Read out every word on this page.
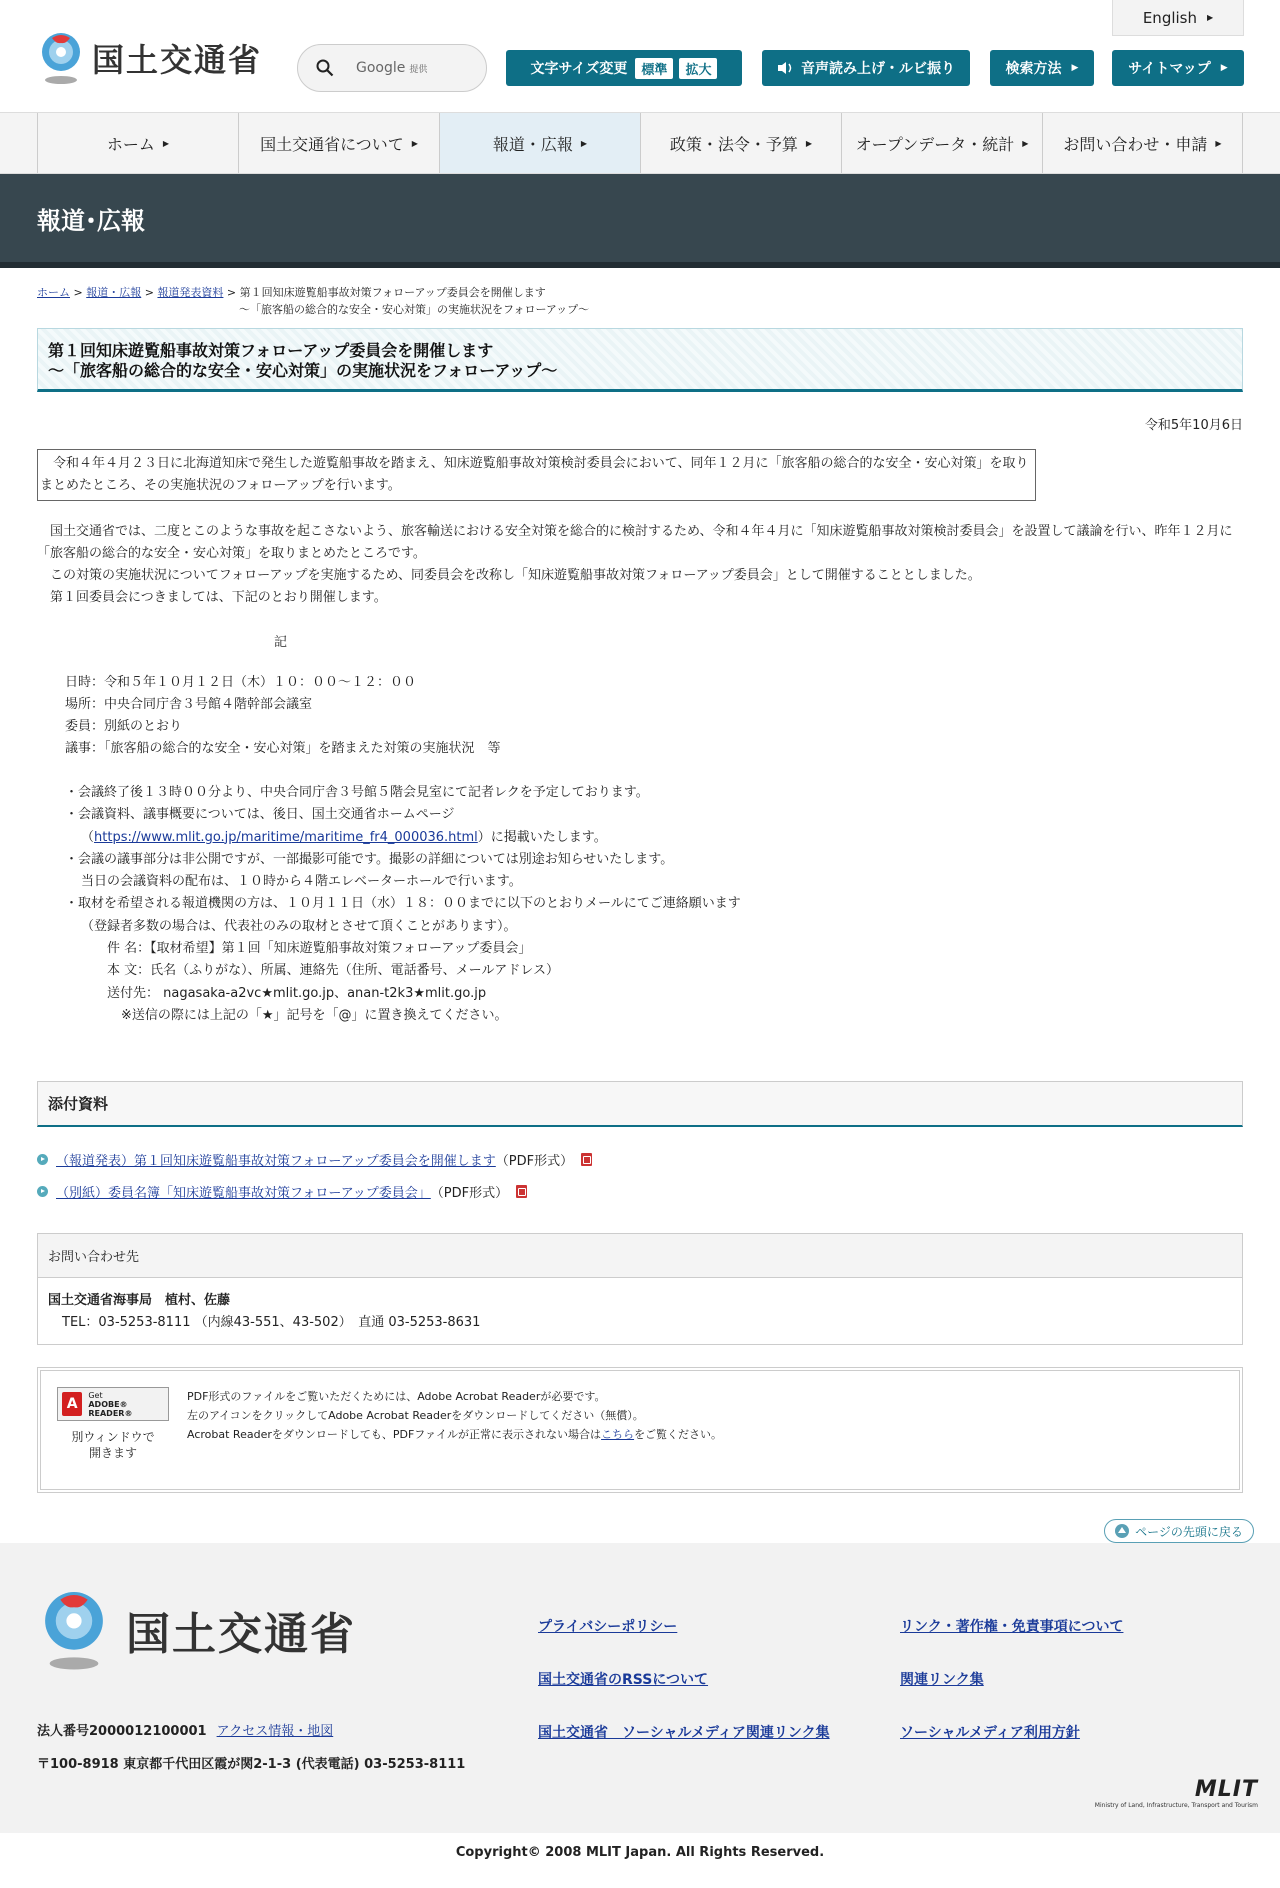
国土交通省	Google 提供
English ▶
文字サイズ変更	標準	拡大	音声読み上げ・ルビ振り	検索方法 ▶	サイトマップ ▶
ホーム ▶	国土交通省について ▶	報道・広報 ▶	政策・法令・予算 ▶	オープンデータ・統計 ▶ お問い合わせ・申請 ▶
報道･広報
ホーム > 報道・広報 > 報道発表資料 > 第１回知床遊覧船事故対策フォローアップ委員会を開催します
～「旅客船の総合的な安全・安心対策」の実施状況をフォローアップ～
第１回知床遊覧船事故対策フォローアップ委員会を開催します
～「旅客船の総合的な安全・安心対策」の実施状況をフォローアップ～
令和5年10月6日
　令和４年４月２３日に北海道知床で発生した遊覧船事故を踏まえ、知床遊覧船事故対策検討委員会において、同年１２月に「旅客船の総合的な安全・安心対策」を取りまとめたところ、その実施状況のフォローアップを行います。
　国土交通省では、二度とこのような事故を起こさないよう、旅客輸送における安全対策を総合的に検討するため、令和４年４月に「知床遊覧船事故対策検討委員会」を設置して議論を行い、昨年１２月に「旅客船の総合的な安全・安心対策」を取りまとめたところです。
　この対策の実施状況についてフォローアップを実施するため、同委員会を改称し「知床遊覧船事故対策フォローアップ委員会」として開催することとしました。
　第１回委員会につきましては、下記のとおり開催します。
記
日時：令和５年１０月１２日（木）１０：００～１２：００
場所：中央合同庁舎３号館４階幹部会議室
委員：別紙のとおり
議事：「旅客船の総合的な安全・安心対策」を踏まえた対策の実施状況　等
・会議終了後１３時００分より、中央合同庁舎３号館５階会見室にて記者レクを予定しております。
・会議資料、議事概要については、後日、国土交通省ホームページ
（https://www.mlit.go.jp/maritime/maritime_fr4_000036.html）に掲載いたします。
・会議の議事部分は非公開ですが、一部撮影可能です。撮影の詳細については別途お知らせいたします。
当日の会議資料の配布は、１０時から４階エレベーターホールで行います。
・取材を希望される報道機関の方は、１０月１１日（水）１８：００までに以下のとおりメールにてご連絡願います
（登録者多数の場合は、代表社のみの取材とさせて頂くことがあります）。
件 名：【取材希望】第１回「知床遊覧船事故対策フォローアップ委員会」
本 文：氏名（ふりがな）、所属、連絡先（住所、電話番号、メールアドレス）
送付先： nagasaka-a2vc★mlit.go.jp、anan-t2k3★mlit.go.jp
※送信の際には上記の「★」記号を「@」に置き換えてください。
添付資料
（報道発表）第１回知床遊覧船事故対策フォローアップ委員会を開催します （PDF形式）
（別紙）委員名簿「知床遊覧船事故対策フォローアップ委員会」 （PDF形式）
お問い合わせ先
国土交通省海事局　植村、佐藤
TEL：03-5253-8111 （内線43-551、43-502）　直通 03-5253-8631
A
Get
ADOBE® READER®
別ウィンドウで
開きます
PDF形式のファイルをご覧いただくためには、Adobe Acrobat Readerが必要です。
左のアイコンをクリックしてAdobe Acrobat Readerをダウンロードしてください（無償）。
Acrobat Readerをダウンロードしても、PDFファイルが正常に表示されない場合はこちらをご覧ください。
ページの先頭に戻る
国土交通省
法人番号2000012100001 アクセス情報・地図
〒100-8918 東京都千代田区霞が関2-1-3 (代表電話) 03-5253-8111
プライバシーポリシー
国土交通省のRSSについて
国土交通省　ソーシャルメディア関連リンク集
リンク・著作権・免責事項について
関連リンク集
ソーシャルメディア利用方針
MLIT
Ministry of Land, Infrastructure, Transport and Tourism
Copyright© 2008 MLIT Japan. All Rights Reserved.
